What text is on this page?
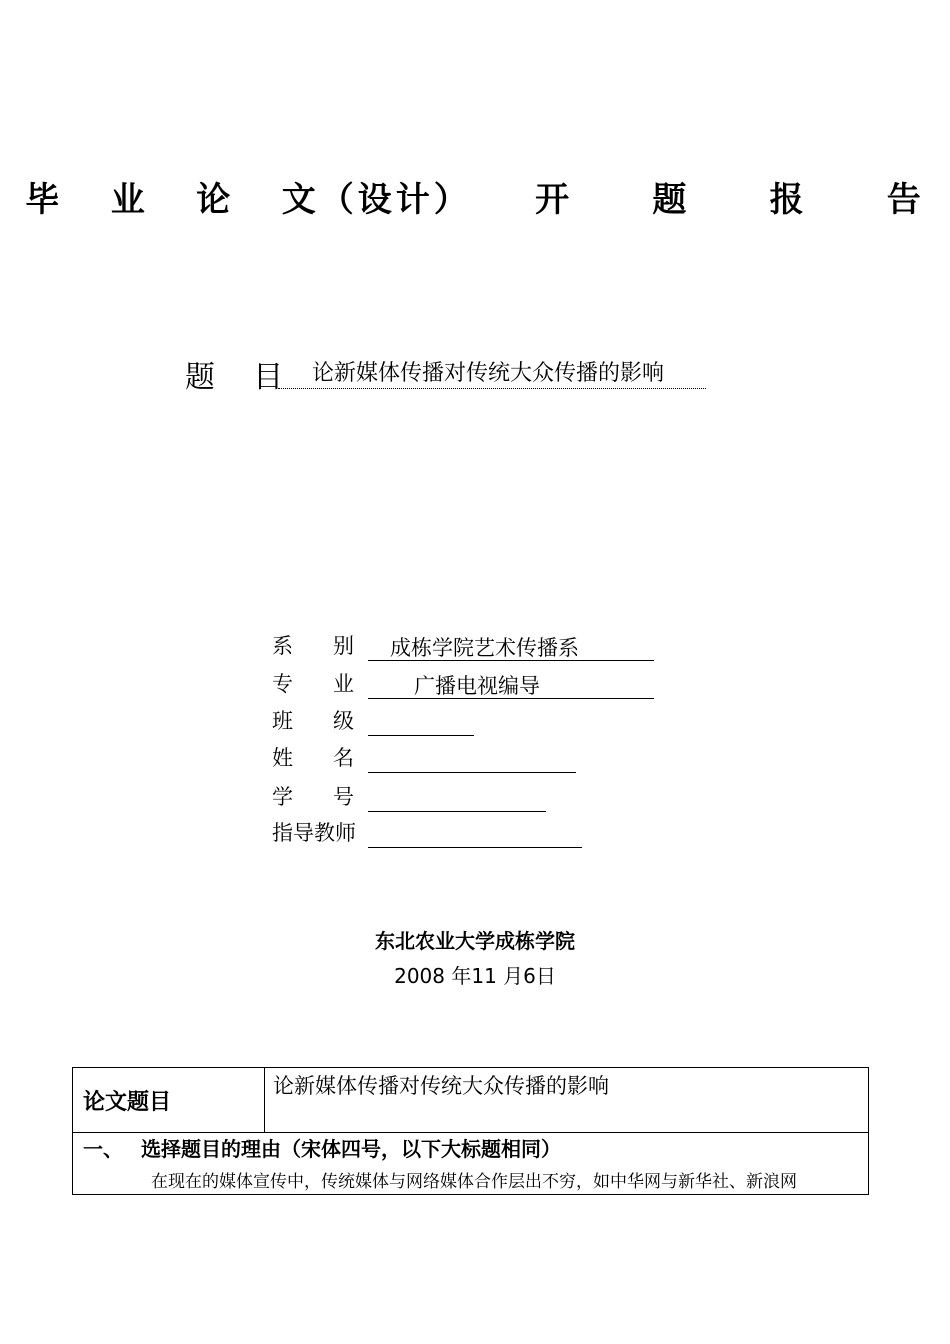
毕 业 论 文（设计） 开 题 报 告
题    目	论新媒体传播对传统大众传播的影响
系      别 成栋学院艺术传播系
专      业	广播电视编导
班      级
姓      名
学      号
指导教师
东北农业大学成栋学院
2008 年11 月6日
论文题目	论新媒体传播对传统大众传播的影响

一、 选择题目的理由（宋体四号，以下大标题相同）
在现在的媒体宣传中，传统媒体与网络媒体合作层出不穷，如中华网与新华社、新浪网
